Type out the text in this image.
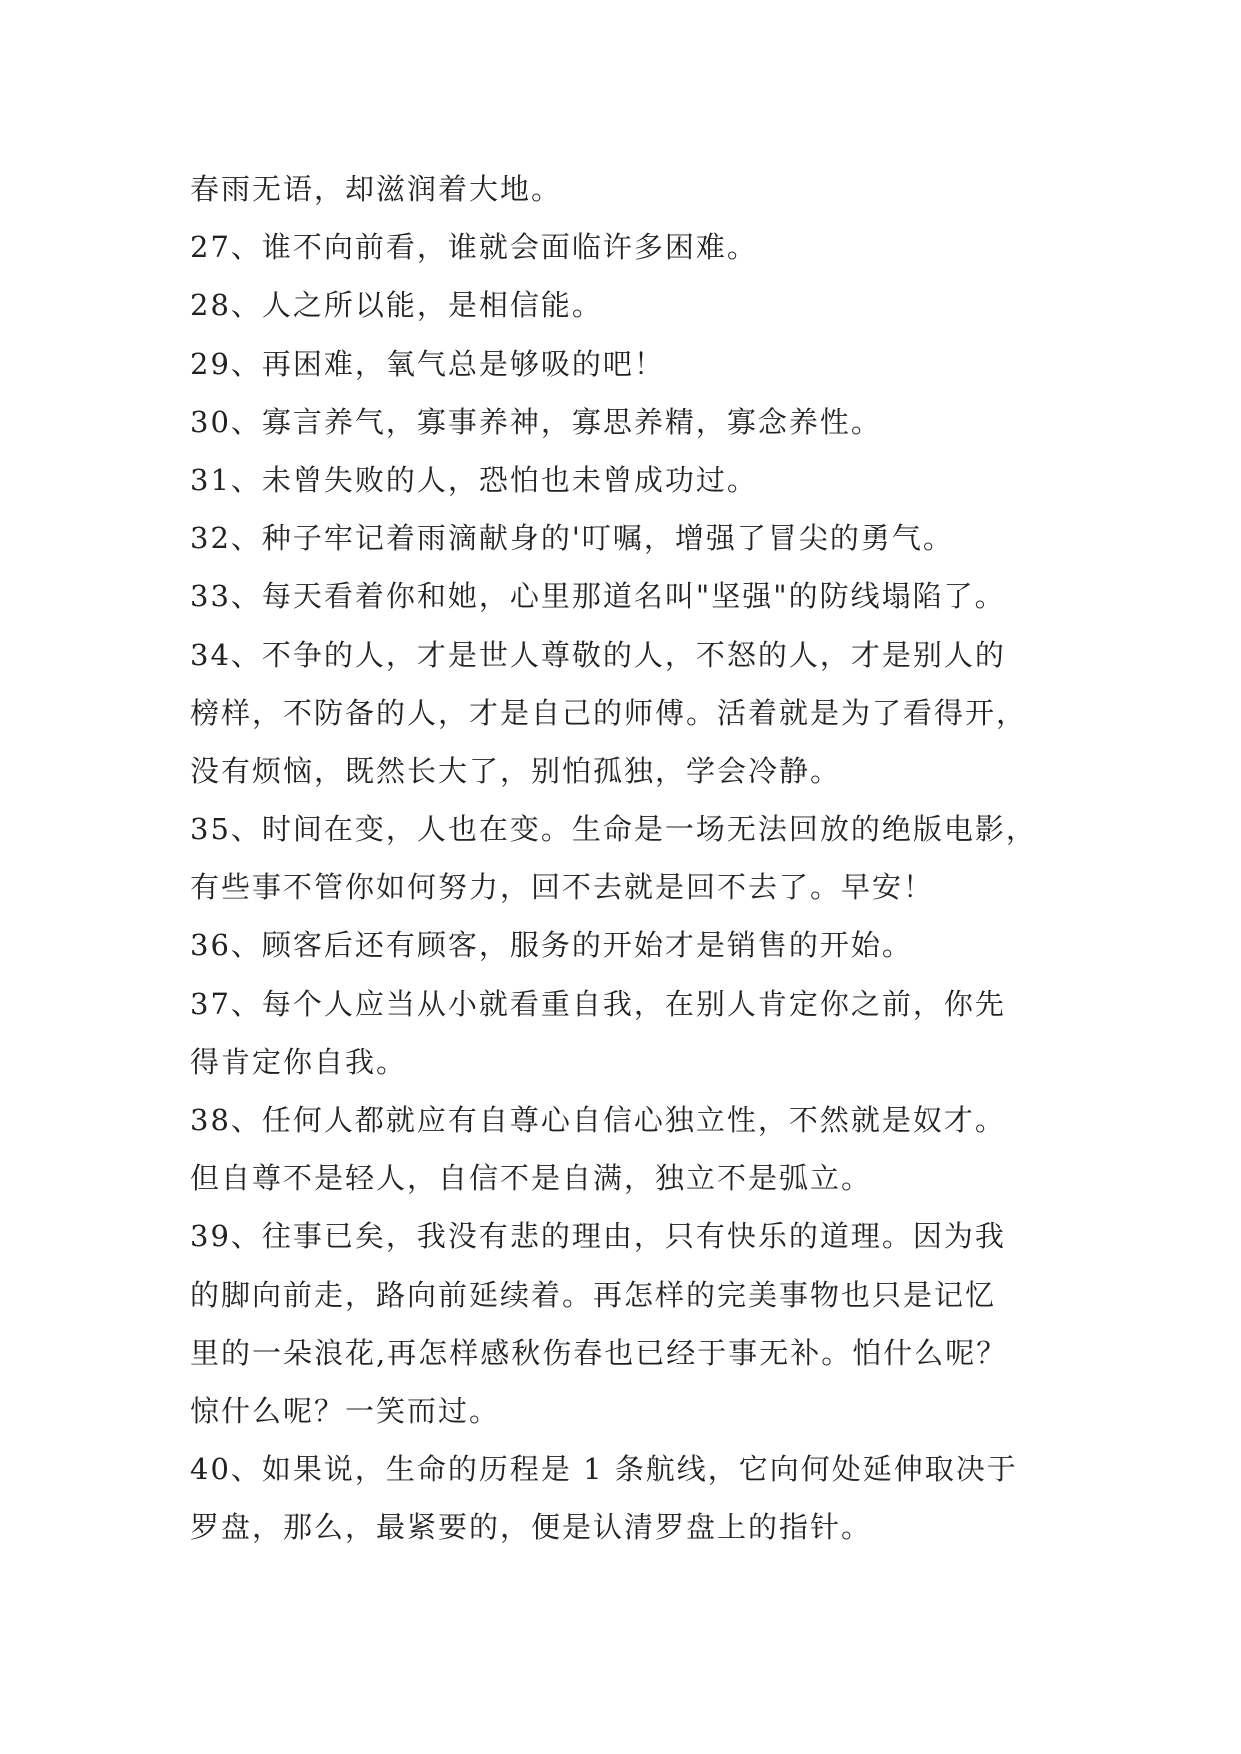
春雨无语，却滋润着大地。
27、谁不向前看，谁就会面临许多困难。
28、人之所以能，是相信能。
29、再困难，氧气总是够吸的吧！
30、寡言养气，寡事养神，寡思养精，寡念养性。
31、未曾失败的人，恐怕也未曾成功过。
32、种子牢记着雨滴献身的'叮嘱，增强了冒尖的勇气。
33、每天看着你和她，心里那道名叫"坚强"的防线塌陷了。
34、不争的人，才是世人尊敬的人，不怒的人，才是别人的
榜样，不防备的人，才是自己的师傅。活着就是为了看得开，
没有烦恼，既然长大了，别怕孤独，学会冷静。
35、时间在变，人也在变。生命是一场无法回放的绝版电影，
有些事不管你如何努力，回不去就是回不去了。早安！
36、顾客后还有顾客，服务的开始才是销售的开始。
37、每个人应当从小就看重自我，在别人肯定你之前，你先
得肯定你自我。
38、任何人都就应有自尊心自信心独立性，不然就是奴才。
但自尊不是轻人，自信不是自满，独立不是弧立。
39、往事已矣，我没有悲的理由，只有快乐的道理。因为我
的脚向前走，路向前延续着。再怎样的完美事物也只是记忆
里的一朵浪花,再怎样感秋伤春也已经于事无补。怕什么呢？
惊什么呢？一笑而过。
40、如果说，生命的历程是 1 条航线，它向何处延伸取决于
罗盘，那么，最紧要的，便是认清罗盘上的指针。
